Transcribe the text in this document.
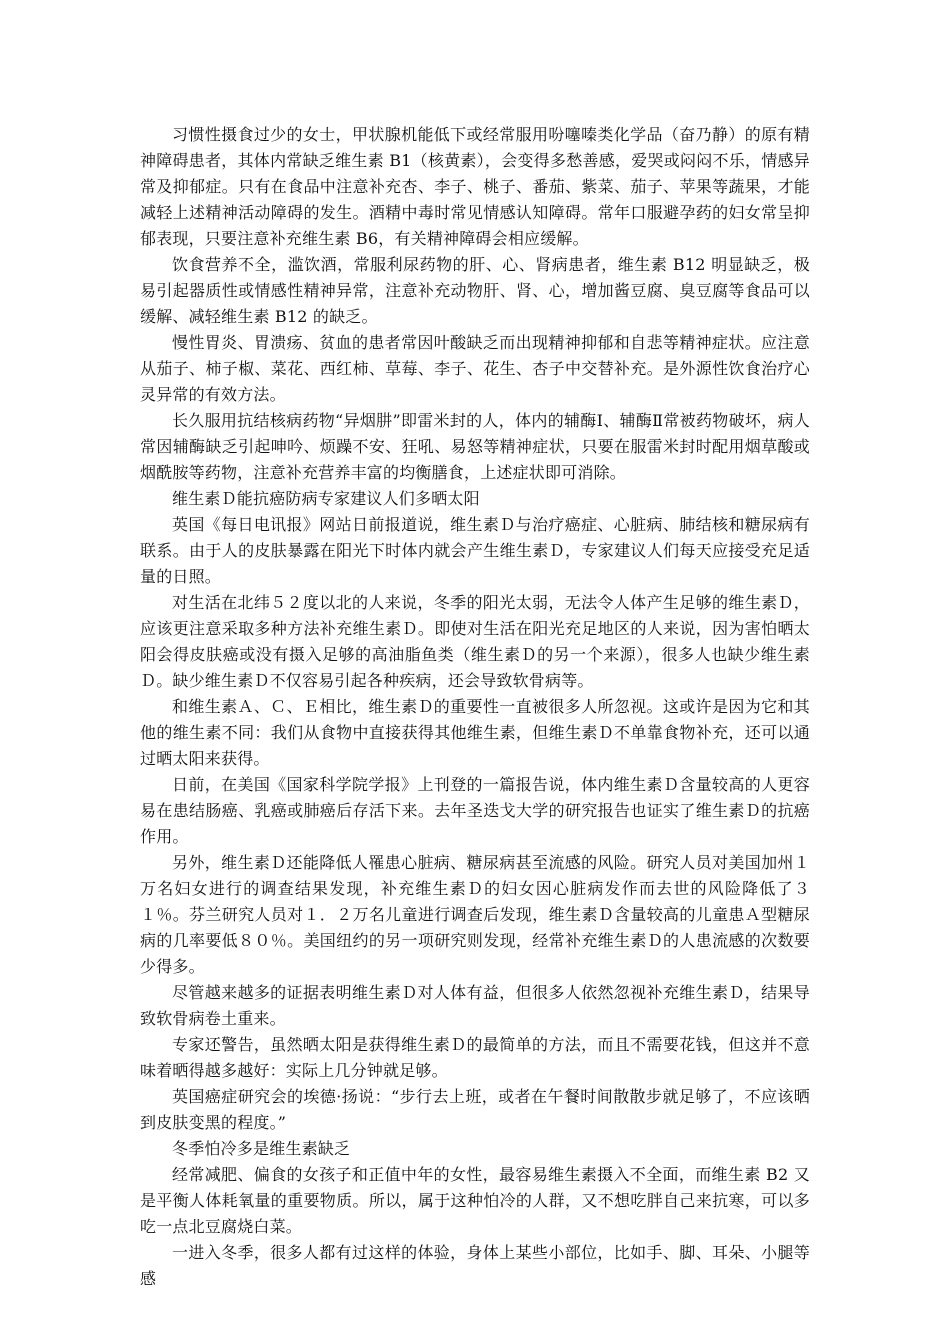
习惯性摄食过少的女士，甲状腺机能低下或经常服用吩噻嗪类化学品（奋乃静）的原有精神障碍患者，其体内常缺乏维生素 B1（核黄素），会变得多愁善感，爱哭或闷闷不乐，情感异常及抑郁症。只有在食品中注意补充杏、李子、桃子、番茄、紫菜、茄子、苹果等蔬果，才能减轻上述精神活动障碍的发生。酒精中毒时常见情感认知障碍。常年口服避孕药的妇女常呈抑郁表现，只要注意补充维生素 B6，有关精神障碍会相应缓解。

饮食营养不全，滥饮酒，常服利尿药物的肝、心、肾病患者，维生素 B12 明显缺乏，极易引起器质性或情感性精神异常，注意补充动物肝、肾、心，增加酱豆腐、臭豆腐等食品可以缓解、减轻维生素 B12 的缺乏。

慢性胃炎、胃溃疡、贫血的患者常因叶酸缺乏而出现精神抑郁和自悲等精神症状。应注意从茄子、柿子椒、菜花、西红柿、草莓、李子、花生、杏子中交替补充。是外源性饮食治疗心灵异常的有效方法。

长久服用抗结核病药物“异烟肼”即雷米封的人，体内的辅酶Ⅰ、辅酶Ⅱ常被药物破坏，病人常因辅酶缺乏引起呻吟、烦躁不安、狂吼、易怒等精神症状，只要在服雷米封时配用烟草酸或烟酰胺等药物，注意补充营养丰富的均衡膳食，上述症状即可消除。

维生素Ｄ能抗癌防病专家建议人们多晒太阳

英国《每日电讯报》网站日前报道说，维生素Ｄ与治疗癌症、心脏病、肺结核和糖尿病有联系。由于人的皮肤暴露在阳光下时体内就会产生维生素Ｄ，专家建议人们每天应接受充足适量的日照。

对生活在北纬５２度以北的人来说，冬季的阳光太弱，无法令人体产生足够的维生素Ｄ，应该更注意采取多种方法补充维生素Ｄ。即使对生活在阳光充足地区的人来说，因为害怕晒太阳会得皮肤癌或没有摄入足够的高油脂鱼类（维生素Ｄ的另一个来源），很多人也缺少维生素Ｄ。缺少维生素Ｄ不仅容易引起各种疾病，还会导致软骨病等。

和维生素Ａ、Ｃ、Ｅ相比，维生素Ｄ的重要性一直被很多人所忽视。这或许是因为它和其他的维生素不同：我们从食物中直接获得其他维生素，但维生素Ｄ不单靠食物补充，还可以通过晒太阳来获得。

日前，在美国《国家科学院学报》上刊登的一篇报告说，体内维生素Ｄ含量较高的人更容易在患结肠癌、乳癌或肺癌后存活下来。去年圣迭戈大学的研究报告也证实了维生素Ｄ的抗癌作用。

另外，维生素Ｄ还能降低人罹患心脏病、糖尿病甚至流感的风险。研究人员对美国加州１万名妇女进行的调查结果发现，补充维生素Ｄ的妇女因心脏病发作而去世的风险降低了３１％。芬兰研究人员对１．２万名儿童进行调查后发现，维生素Ｄ含量较高的儿童患Ａ型糖尿病的几率要低８０％。美国纽约的另一项研究则发现，经常补充维生素Ｄ的人患流感的次数要少得多。

尽管越来越多的证据表明维生素Ｄ对人体有益，但很多人依然忽视补充维生素Ｄ，结果导致软骨病卷土重来。

专家还警告，虽然晒太阳是获得维生素Ｄ的最简单的方法，而且不需要花钱，但这并不意味着晒得越多越好：实际上几分钟就足够。

英国癌症研究会的埃德·扬说：“步行去上班，或者在午餐时间散散步就足够了，不应该晒到皮肤变黑的程度。”

冬季怕冷多是维生素缺乏

经常减肥、偏食的女孩子和正值中年的女性，最容易维生素摄入不全面，而维生素 B2 又是平衡人体耗氧量的重要物质。所以，属于这种怕冷的人群，又不想吃胖自己来抗寒，可以多吃一点北豆腐烧白菜。

一进入冬季，很多人都有过这样的体验，身体上某些小部位，比如手、脚、耳朵、小腿等感
